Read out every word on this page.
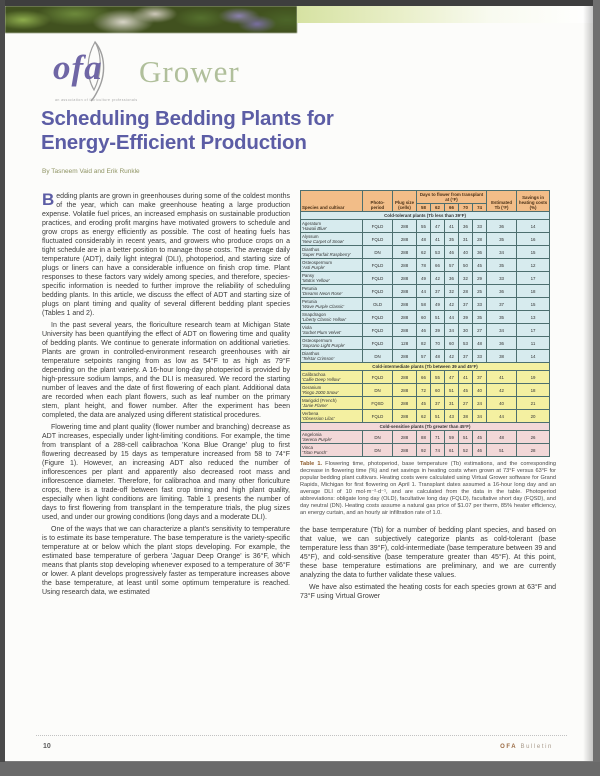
ofa
an association of floriculture professionals
Grower
Scheduling Bedding Plants for
Energy-Efficient Production
By Tasneem Vaid and Erik Runkle

Bedding plants are grown in greenhouses during some of the coldest months of the year, which can make greenhouse heating a large production expense. Volatile fuel prices, an increased emphasis on sustainable production practices, and eroding profit margins have motivated growers to schedule and grow crops as energy efficiently as possible. The cost of heating fuels has fluctuated considerably in recent years, and growers who produce crops on a tight schedule are in a better position to manage those costs. The average daily temperature (ADT), daily light integral (DLI), photoperiod, and starting size of plugs or liners can have a considerable influence on finish crop time. Plant responses to these factors vary widely among species, and therefore, species-specific information is needed to further improve the reliability of scheduling bedding plants. In this article, we discuss the effect of ADT and starting size of plugs on plant timing and quality of several different bedding plant species (Tables 1 and 2).

In the past several years, the floriculture research team at Michigan State University has been quantifying the effect of ADT on flowering time and quality of bedding plants. We continue to generate information on additional varieties. Plants are grown in controlled-environment research greenhouses with air temperature setpoints ranging from as low as 54°F to as high as 79°F depending on the plant variety. A 16-hour long-day photoperiod is provided by high-pressure sodium lamps, and the DLI is measured. We record the starting number of leaves and the date of first flowering of each plant. Additional data are recorded when each plant flowers, such as leaf number on the primary stem, plant height, and flower number. After the experiment has been completed, the data are analyzed using different statistical procedures.

Flowering time and plant quality (flower number and branching) decrease as ADT increases, especially under light-limiting conditions. For example, the time from transplant of a 288-cell calibrachoa 'Kona Blue Orange' plug to first flowering decreased by 15 days as temperature increased from 58 to 74°F (Figure 1). However, an increasing ADT also reduced the number of inflorescences per plant and apparently also decreased root mass and inflorescence diameter. Therefore, for calibrachoa and many other floriculture crops, there is a trade-off between fast crop timing and high plant quality, especially when light conditions are limiting. Table 1 presents the number of days to first flowering from transplant in the temperature trials, the plug sizes used, and under our growing conditions (long days and a moderate DLI).

One of the ways that we can characterize a plant's sensitivity to temperature is to estimate its base temperature. The base temperature is the variety-specific temperature at or below which the plant stops developing. For example, the estimated base temperature of gerbera 'Jaguar Deep Orange' is 36°F, which means that plants stop developing whenever exposed to a temperature of 36°F or lower. A plant develops progressively faster as temperature increases above the base temperature, at least until some optimum temperature is reached. Using research data, we estimated

Species and cultivar	Photo- period	Plug size (cells)	Days to flower from transplant at (°F)					Estimated Tb (°F)	Savings in heating costs (%)
			58	62	66	70	74		
Cold-tolerant plants (Tb less than 39°F)									
Ageratum
'Hawaii Blue'	FQLD	288	55	47	41	36	33	36	14
Alyssum
'New Carpet of Snow'	FQLD	288	48	41	35	31	28	35	16
Dianthus
'Super Parfait Raspberry'	DN	288	62	53	46	40	36	34	15
Osteospermum
'Asti Purple'	FQLD	288	78	66	57	50	45	35	12
Pansy
'Matrix Yellow'	FQLD	288	49	42	36	32	29	33	17
Petunia
'Dreams Neon Rose'	FQLD	288	44	37	32	28	25	36	18
Petunia
'Wave Purple Classic'	OLD	288	58	49	42	37	33	37	15
Snapdragon
'Liberty Classic Yellow'	FQLD	288	60	51	44	39	35	35	13
Viola
'Sorbet Plum Velvet'	FQLD	288	46	39	34	30	27	34	17
Osteospermum
'Soprano Light Purple'	FQLD	128	82	70	60	53	48	36	11
Dianthus
'Telstar Crimson'	DN	288	57	48	42	37	33	38	14
Cold-intermediate plants (Tb between 39 and 45°F)									
Calibrachoa
'Callie Deep Yellow'	FQLD	288	66	55	47	41	37	41	19
Geranium
'Ringo 2000 Snow'	DN	288	72	60	51	45	40	42	18
Marigold (French)
'Janie Flame'	FQSD	288	45	37	31	27	24	40	21
Verbena
'Obsession Lilac'	FQLD	288	62	51	43	38	34	44	20
Cold-sensitive plants (Tb greater than 45°F)									
Angelonia
'Serena Purple'	DN	288	88	71	59	51	45	48	26
Vinca
'Titan Punch'	DN	288	92	74	61	52	46	51	28

Table 1. Flowering time, photoperiod, base temperature (Tb) estimations, and the corresponding decrease in flowering time (%) and net savings in heating costs when grown at 73°F versus 63°F for popular bedding plant cultivars. Heating costs were calculated using Virtual Grower software for Grand Rapids, Michigan for first flowering on April 1. Transplant dates assumed a 16-hour long day and an average DLI of 10 mol·m⁻²·d⁻¹, and are calculated from the data in the table. Photoperiod abbreviations: obligate long day (OLD), facultative long day (FQLD), facultative short day (FQSD), and day neutral (DN). Heating costs assume a natural gas price of $1.07 per therm, 85% heater efficiency, an energy curtain, and an hourly air infiltration rate of 1.0.

the base temperature (Tb) for a number of bedding plant species, and based on that value, we can subjectively categorize plants as cold-tolerant (base temperature less than 39°F), cold-intermediate (base temperature between 39 and 45°F), and cold-sensitive (base temperature greater than 45°F). At this point, these base temperature estimations are preliminary, and we are currently analyzing the data to further validate these values.

We have also estimated the heating costs for each species grown at 63°F and 73°F using Virtual Grower

10	OFA Bulletin
